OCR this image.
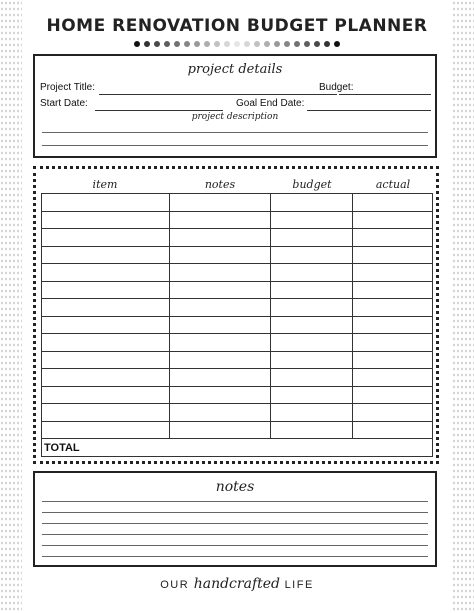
HOME RENOVATION BUDGET PLANNER
project details
Project Title:	Budget:
Start Date:	Goal End Date:
project description
item	notes	budget	actual

TOTAL			
notes
OUR handcrafted LIFE
